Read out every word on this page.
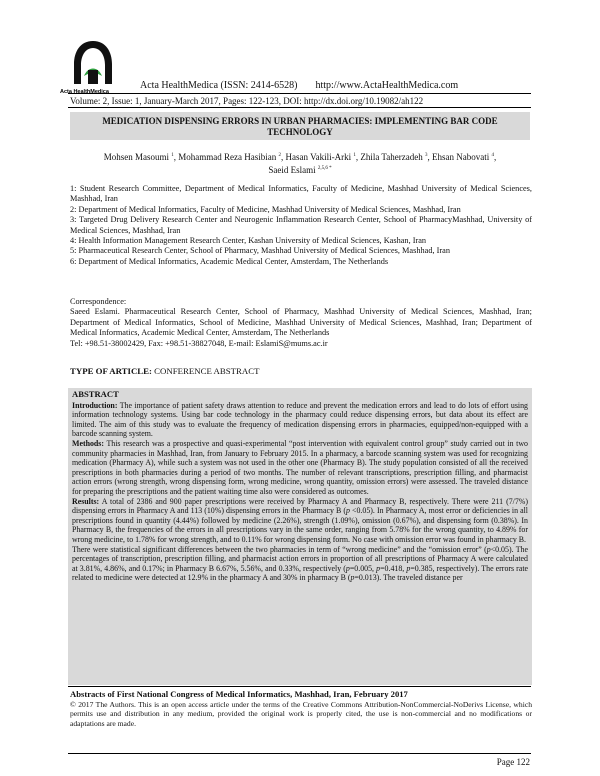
Acta HealthMedica
Acta HealthMedica (ISSN: 2414-6528) http://www.ActaHealthMedica.com
Volume: 2, Issue: 1, January-March 2017, Pages: 122-123, DOI: http://dx.doi.org/10.19082/ah122
MEDICATION DISPENSING ERRORS IN URBAN PHARMACIES: IMPLEMENTING BAR CODE
TECHNOLOGY
Mohsen Masoumi $^1$, Mohammad Reza Hasibian $^2$, Hasan Vakili-Arki $^1$, Zhila Taherzadeh $^3$, Ehsan Nabovati $^4$,
Saeid Eslami $^{2,5,6 *}$
1: Student Research Committee, Department of Medical Informatics, Faculty of Medicine, Mashhad University of Medical Sciences, Mashhad, Iran
2: Department of Medical Informatics, Faculty of Medicine, Mashhad University of Medical Sciences, Mashhad, Iran
3: Targeted Drug Delivery Research Center and Neurogenic Inflammation Research Center, School of PharmacyMashhad, University of Medical Sciences, Mashhad, Iran
4: Health Information Management Research Center, Kashan University of Medical Sciences, Kashan, Iran
5: Pharmaceutical Research Center, School of Pharmacy, Mashhad University of Medical Sciences, Mashhad, Iran
6: Department of Medical Informatics, Academic Medical Center, Amsterdam, The Netherlands
Correspondence:
Saeed Eslami. Pharmaceutical Research Center, School of Pharmacy, Mashhad University of Medical Sciences, Mashhad, Iran; Department of Medical Informatics, School of Medicine, Mashhad University of Medical Sciences, Mashhad, Iran; Department of Medical Informatics, Academic Medical Center, Amsterdam, The Netherlands
Tel: +98.51-38002429, Fax: +98.51-38827048, E-mail: EslamiS@mums.ac.ir
TYPE OF ARTICLE: CONFERENCE ABSTRACT
ABSTRACT

Introduction: The importance of patient safety draws attention to reduce and prevent the medication errors and lead to do lots of effort using information technology systems. Using bar code technology in the pharmacy could reduce dispensing errors, but data about its effect are limited. The aim of this study was to evaluate the frequency of medication dispensing errors in pharmacies, equipped/non-equipped with a barcode scanning system.

Methods: This research was a prospective and quasi-experimental “post intervention with equivalent control group” study carried out in two community pharmacies in Mashhad, Iran, from January to February 2015. In a pharmacy, a barcode scanning system was used for recognizing medication (Pharmacy A), while such a system was not used in the other one (Pharmacy B). The study population consisted of all the received prescriptions in both pharmacies during a period of two months. The number of relevant transcriptions, prescription filling, and pharmacist action errors (wrong strength, wrong dispensing form, wrong medicine, wrong quantity, omission errors) were assessed. The traveled distance for preparing the prescriptions and the patient waiting time also were considered as outcomes.

Results: A total of 2386 and 900 paper prescriptions were received by Pharmacy A and Pharmacy B, respectively. There were 211 (7/7%) dispensing errors in Pharmacy A and 113 (10%) dispensing errors in the Pharmacy B (p <0.05). In Pharmacy A, most error or deficiencies in all prescriptions found in quantity (4.44%) followed by medicine (2.26%), strength (1.09%), omission (0.67%), and dispensing form (0.38%). In Pharmacy B, the frequencies of the errors in all prescriptions vary in the same order, ranging from 5.78% for the wrong quantity, to 4.89% for wrong medicine, to 1.78% for wrong strength, and to 0.11% for wrong dispensing form. No case with omission error was found in pharmacy B.

There were statistical significant differences between the two pharmacies in term of “wrong medicine” and the “omission error” (p<0.05). The percentages of transcription, prescription filling, and pharmacist action errors in proportion of all prescriptions of Pharmacy A were calculated at 3.81%, 4.86%, and 0.17%; in Pharmacy B 6.67%, 5.56%, and 0.33%, respectively (p=0.005, p=0.418, p=0.385, respectively). The errors rate related to medicine were detected at 12.9% in the pharmacy A and 30% in pharmacy B (p=0.013). The traveled distance per

Abstracts of First National Congress of Medical Informatics, Mashhad, Iran, February 2017
© 2017 The Authors. This is an open access article under the terms of the Creative Commons Attribution-NonCommercial-NoDerivs License, which permits use and distribution in any medium, provided the original work is properly cited, the use is non-commercial and no modifications or adaptations are made.
Page 122
